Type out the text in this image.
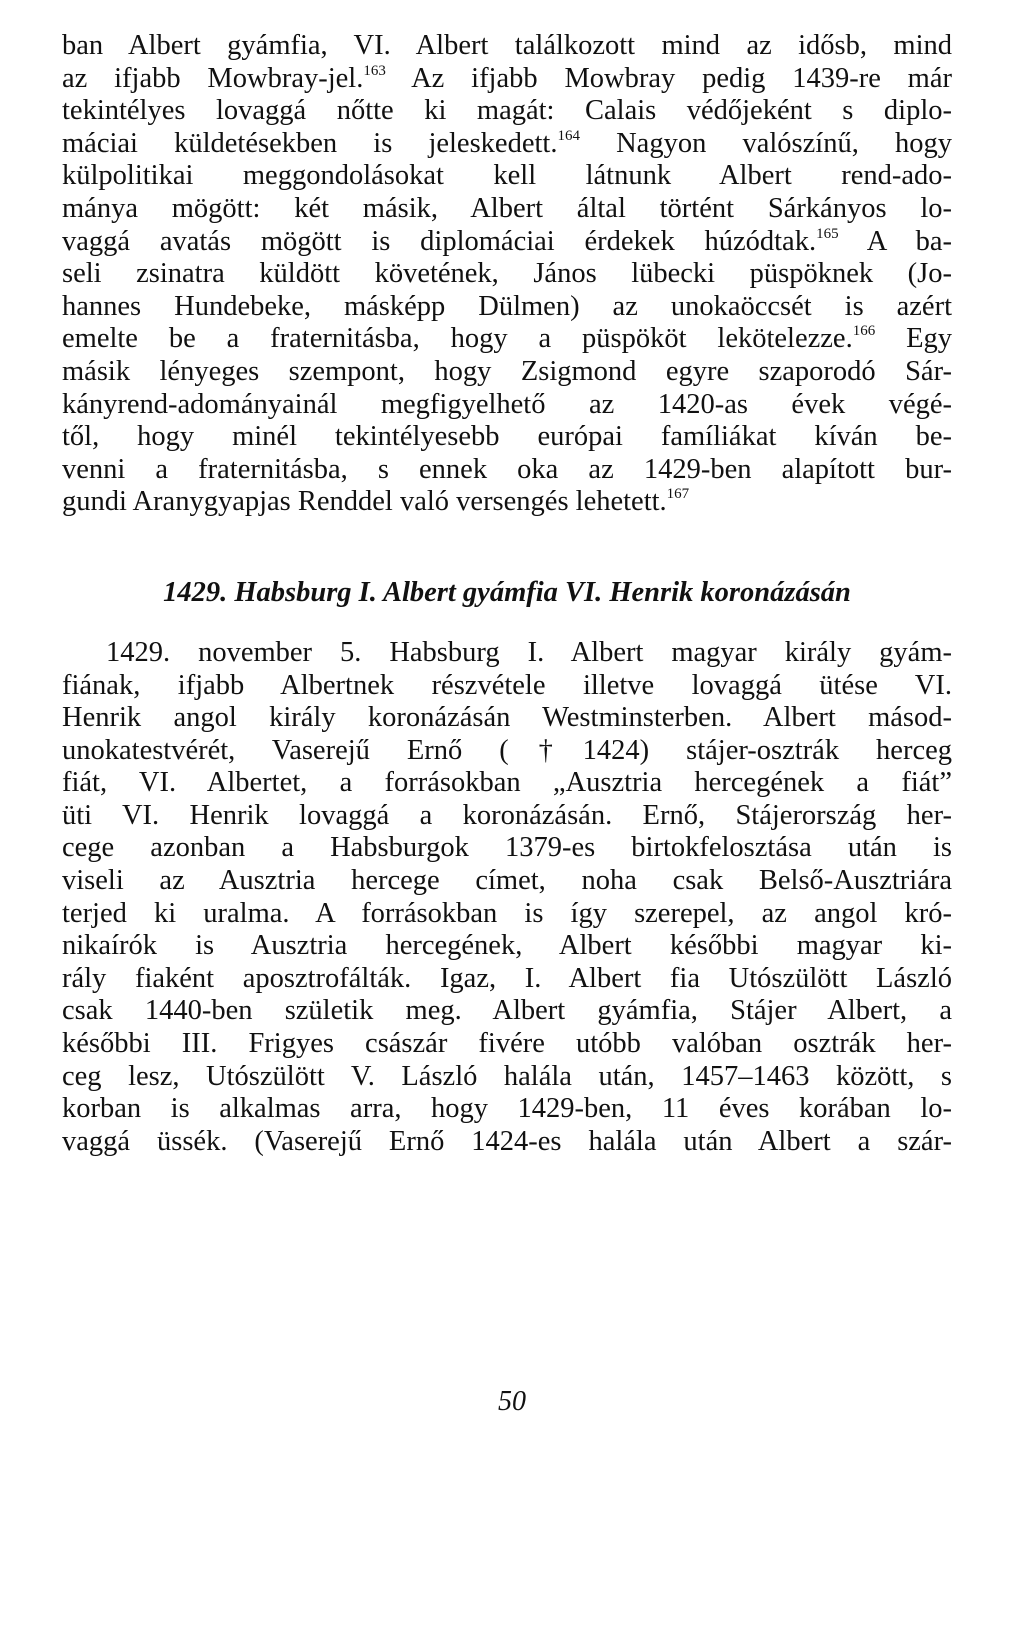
ban Albert gyámfia, VI. Albert találkozott mind az idősb, mind
az ifjabb Mowbray-jel.$^{163}$ Az ifjabb Mowbray pedig 1439-re már
tekintélyes lovaggá nőtte ki magát: Calais védőjeként s diplo-
máciai küldetésekben is jeleskedett.$^{164}$ Nagyon valószínű, hogy
külpolitikai meggondolásokat kell látnunk Albert rend-ado-
mánya mögött: két másik, Albert által történt Sárkányos lo-
vaggá avatás mögött is diplomáciai érdekek húzódtak.$^{165}$ A ba-
seli zsinatra küldött követének, János lübecki püspöknek (Jo-
hannes Hundebeke, másképp Dülmen) az unokaöccsét is azért
emelte be a fraternitásba, hogy a püspököt lekötelezze.$^{166}$ Egy
másik lényeges szempont, hogy Zsigmond egyre szaporodó Sár-
kányrend-adományainál megfigyelhető az 1420-as évek végé-
től, hogy minél tekintélyesebb európai famíliákat kíván be-
venni a fraternitásba, s ennek oka az 1429-ben alapított bur-
gundi Aranygyapjas Renddel való versengés lehetett.$^{167}$

1429. Habsburg I. Albert gyámfia VI. Henrik koronázásán

1429. november 5. Habsburg I. Albert magyar király gyám-
fiának, ifjabb Albertnek részvétele illetve lovaggá ütése VI.
Henrik angol király koronázásán Westminsterben. Albert másod-
unokatestvérét, Vaserejű Ernő (†1424) stájer-osztrák herceg
fiát, VI. Albertet, a forrásokban „Ausztria hercegének a fiát”
üti VI. Henrik lovaggá a koronázásán. Ernő, Stájerország her-
cege azonban a Habsburgok 1379-es birtokfelosztása után is
viseli az Ausztria hercege címet, noha csak Belső-Ausztriára
terjed ki uralma. A forrásokban is így szerepel, az angol kró-
nikaírók is Ausztria hercegének, Albert későbbi magyar ki-
rály fiaként aposztrofálták. Igaz, I. Albert fia Utószülött László
csak 1440-ben születik meg. Albert gyámfia, Stájer Albert, a
későbbi III. Frigyes császár fivére utóbb valóban osztrák her-
ceg lesz, Utószülött V. László halála után, 1457–1463 között, s
korban is alkalmas arra, hogy 1429-ben, 11 éves korában lo-
vaggá üssék. (Vaserejű Ernő 1424-es halála után Albert a szár-

50
